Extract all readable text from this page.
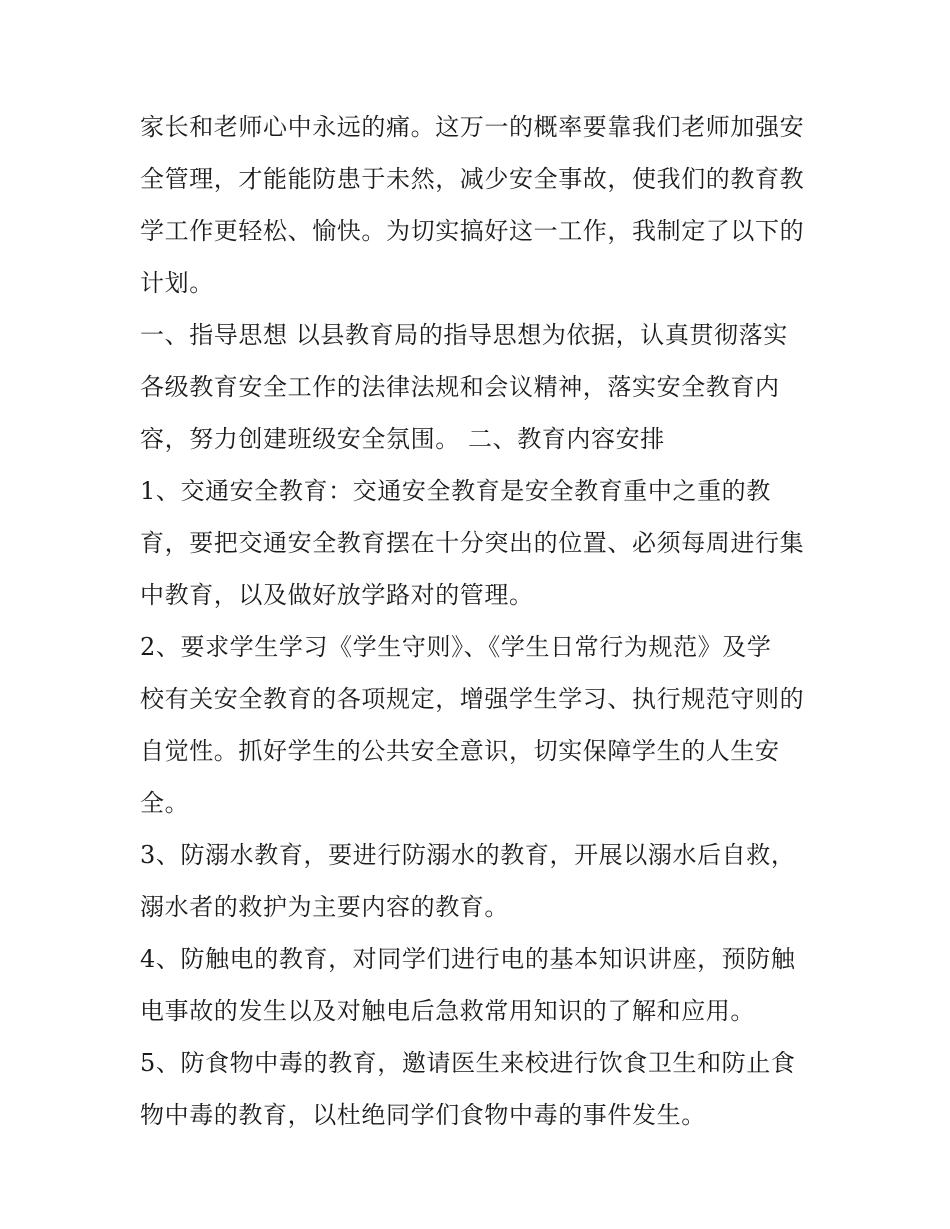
家长和老师心中永远的痛。这万一的概率要靠我们老师加强安
全管理，才能能防患于未然，减少安全事故，使我们的教育教
学工作更轻松、愉快。为切实搞好这一工作，我制定了以下的
计划。
一、指导思想 以县教育局的指导思想为依据，认真贯彻落实
各级教育安全工作的法律法规和会议精神，落实安全教育内
容，努力创建班级安全氛围。 二、教育内容安排
1、交通安全教育：交通安全教育是安全教育重中之重的教
育，要把交通安全教育摆在十分突出的位置、必须每周进行集
中教育，以及做好放学路对的管理。
2、要求学生学习《学生守则》、《学生日常行为规范》及学
校有关安全教育的各项规定，增强学生学习、执行规范守则的
自觉性。抓好学生的公共安全意识，切实保障学生的人生安
全。
3、防溺水教育，要进行防溺水的教育，开展以溺水后自救，
溺水者的救护为主要内容的教育。
4、防触电的教育，对同学们进行电的基本知识讲座，预防触
电事故的发生以及对触电后急救常用知识的了解和应用。
5、防食物中毒的教育，邀请医生来校进行饮食卫生和防止食
物中毒的教育，以杜绝同学们食物中毒的事件发生。
